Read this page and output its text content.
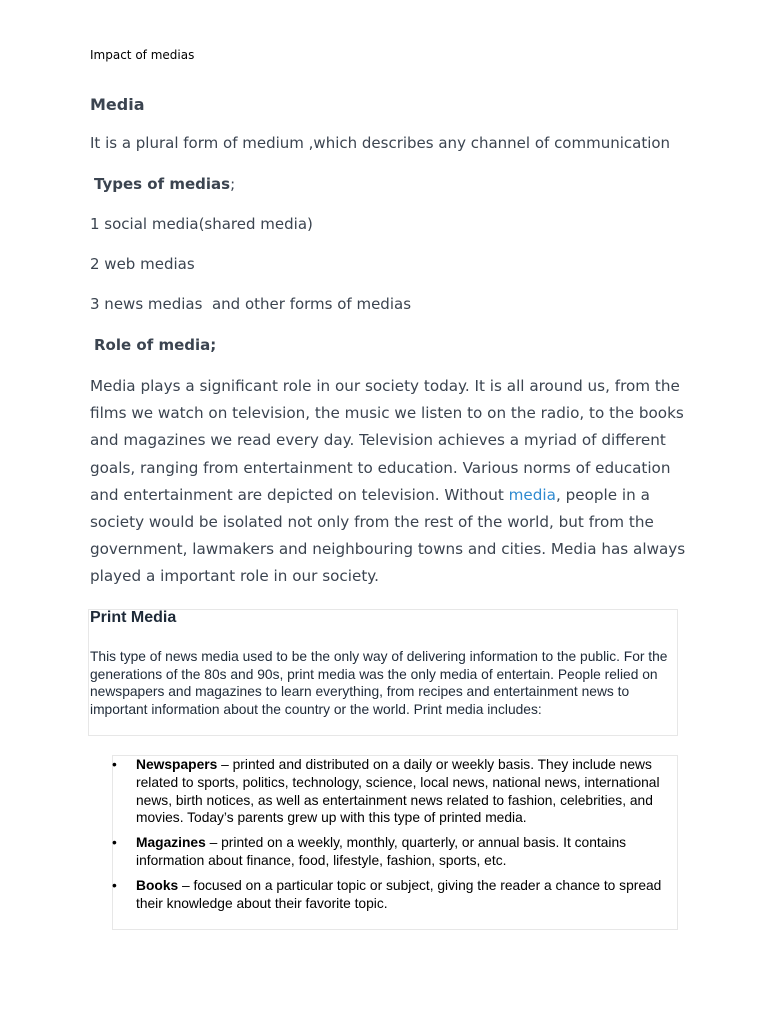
Impact of medias
Media
It is a plural form of medium ,which describes any channel of communication
Types of medias;
1 social media(shared media)
2 web medias
3 news medias  and other forms of medias
Role of media;
Media plays a significant role in our society today. It is all around us, from the films we watch on television, the music we listen to on the radio, to the books and magazines we read every day. Television achieves a myriad of different goals, ranging from entertainment to education. Various norms of education and entertainment are depicted on television. Without media, people in a society would be isolated not only from the rest of the world, but from the government, lawmakers and neighbouring towns and cities. Media has always played a important role in our society.
Print Media
This type of news media used to be the only way of delivering information to the public. For the generations of the 80s and 90s, print media was the only media of entertain. People relied on newspapers and magazines to learn everything, from recipes and entertainment news to important information about the country or the world. Print media includes:
• Newspapers – printed and distributed on a daily or weekly basis. They include news related to sports, politics, technology, science, local news, national news, international news, birth notices, as well as entertainment news related to fashion, celebrities, and movies. Today’s parents grew up with this type of printed media.
• Magazines – printed on a weekly, monthly, quarterly, or annual basis. It contains information about finance, food, lifestyle, fashion, sports, etc.
• Books – focused on a particular topic or subject, giving the reader a chance to spread their knowledge about their favorite topic.
